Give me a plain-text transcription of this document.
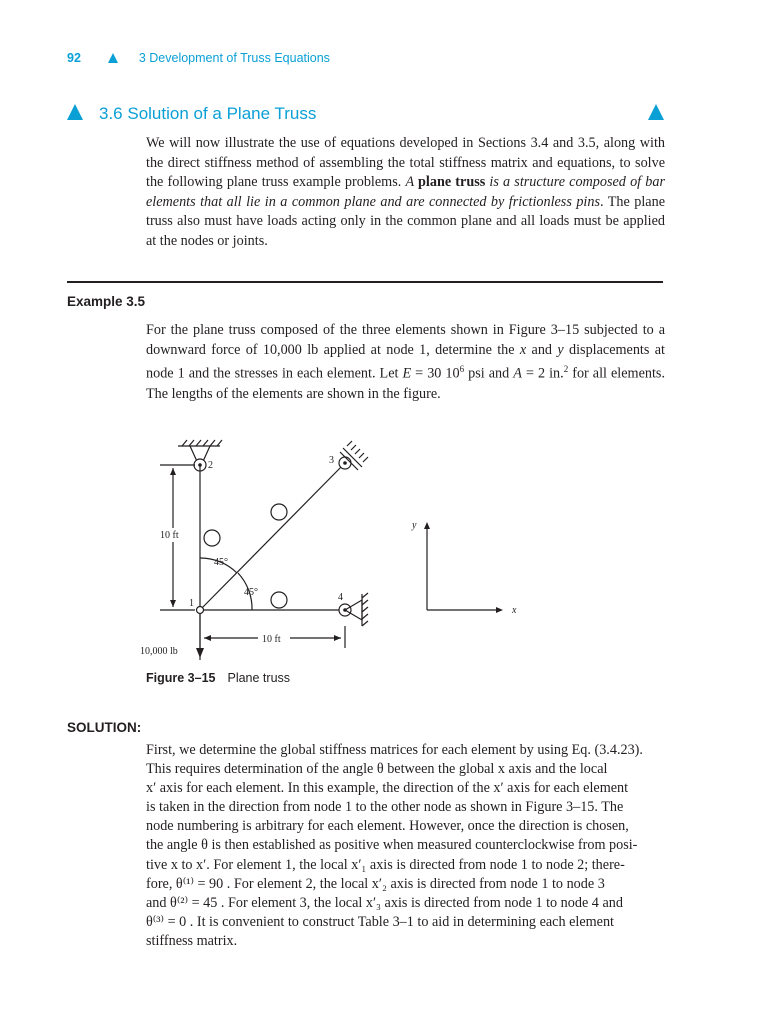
92	3 Development of Truss Equations
3.6 Solution of a Plane Truss
We will now illustrate the use of equations developed in Sections 3.4 and 3.5, along with the direct stiffness method of assembling the total stiffness matrix and equations, to solve the following plane truss example problems. A plane truss is a structure composed of bar elements that all lie in a common plane and are connected by frictionless pins. The plane truss also must have loads acting only in the common plane and all loads must be applied at the nodes or joints.
Example 3.5
For the plane truss composed of the three elements shown in Figure 3–15 subjected to a downward force of 10,000 lb applied at node 1, determine the x and y displacements at node 1 and the stresses in each element. Let E = 30 $10^6$ psi and A = 2 in.$^2$ for all elements. The lengths of the elements are shown in the figure.
2	3
4
1
10 ft
10 ft
45°
45°
10,000 lb
y
x
Figure 3–15 Plane truss
SOLUTION:
First, we determine the global stiffness matrices for each element by using Eq. (3.4.23).
This requires determination of the angle θ between the global x axis and the local
x′ axis for each element. In this example, the direction of the x′ axis for each element
is taken in the direction from node 1 to the other node as shown in Figure 3–15. The
node numbering is arbitrary for each element. However, once the direction is chosen,
the angle θ is then established as positive when measured counterclockwise from posi-
tive x to x′. For element 1, the local x′₁ axis is directed from node 1 to node 2; there-
fore, θ⁽¹⁾ = 90 . For element 2, the local x′₂ axis is directed from node 1 to node 3
and θ⁽²⁾ = 45 . For element 3, the local x′₃ axis is directed from node 1 to node 4 and
θ⁽³⁾ = 0 . It is convenient to construct Table 3–1 to aid in determining each element
stiffness matrix.
